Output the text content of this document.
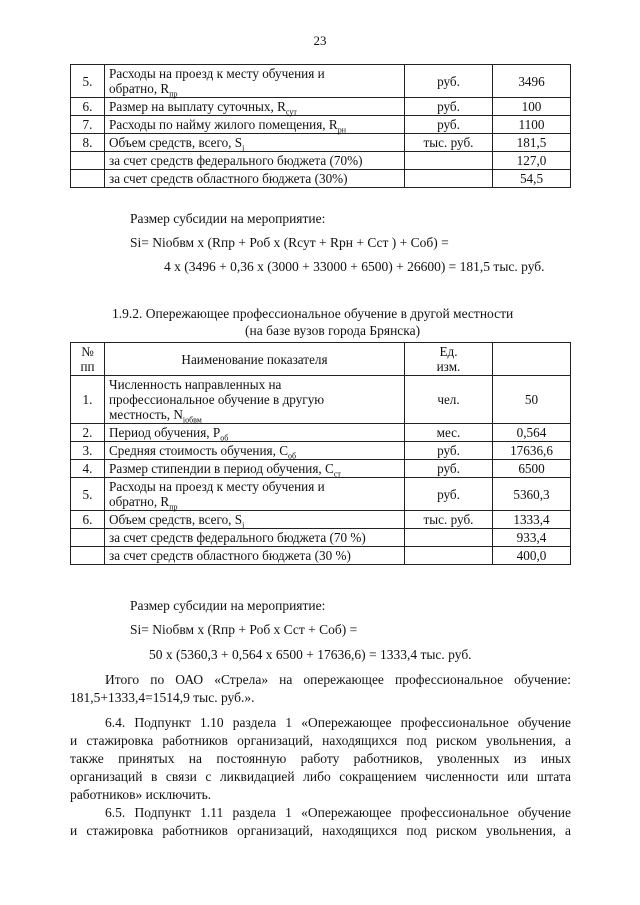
23
5.	Расходы на проезд к месту обучения и
обратно, $R_{пр}$	руб.	3496
6.	Размер на выплату суточных, $R_{сут}$	руб.	100
7.	Расходы по найму жилого помещения, $R_{рн}$	руб.	1100
8.	Объем средств, всего, $S_i$	тыс. руб.	181,5
	за счет средств федерального бюджета (70%)		127,0
	за счет средств областного бюджета (30%)		54,5
Размер субсидии на мероприятие:
Si= Niобвм х (Rпр + Роб х (Rсут + Rрн + Сст ) + Соб) =
4 х (3496 + 0,36 х (3000 + 33000 + 6500) + 26600) = 181,5 тыс. руб.
1.9.2. Опережающее профессиональное обучение в другой местности
(на базе вузов города Брянска)
№
пп	Наименование показателя	Ед.
изм.	
1.	Численность направленных на
профессиональное обучение в другую
местность, $N_{iобвм}$	чел.	50
2.	Период обучения, $Р_{об}$	мес.	0,564
3.	Средняя стоимость обучения, $С_{об}$	руб.	17636,6
4.	Размер стипендии в период обучения, $С_{ст}$	руб.	6500
5.	Расходы на проезд к месту обучения и
обратно, $R_{пр}$	руб.	5360,3
6.	Объем средств, всего, $S_i$	тыс. руб.	1333,4
	за счет средств федерального бюджета (70 %)		933,4
	за счет средств областного бюджета (30 %)		400,0
Размер субсидии на мероприятие:
Si= Niобвм х (Rпр + Роб х Сст + Соб) =
50 х (5360,3 + 0,564 х 6500 + 17636,6) = 1333,4 тыс. руб.
Итого по ОАО «Стрела» на опережающее профессиональное обучение:
181,5+1333,4=1514,9 тыс. руб.».
6.4. Подпункт 1.10 раздела 1 «Опережающее профессиональное обучение
и стажировка работников организаций, находящихся под риском увольнения, а
также принятых на постоянную работу работников, уволенных из иных
организаций в связи с ликвидацией либо сокращением численности или штата
работников» исключить.
6.5. Подпункт 1.11 раздела 1 «Опережающее профессиональное обучение
и стажировка работников организаций, находящихся под риском увольнения, а
